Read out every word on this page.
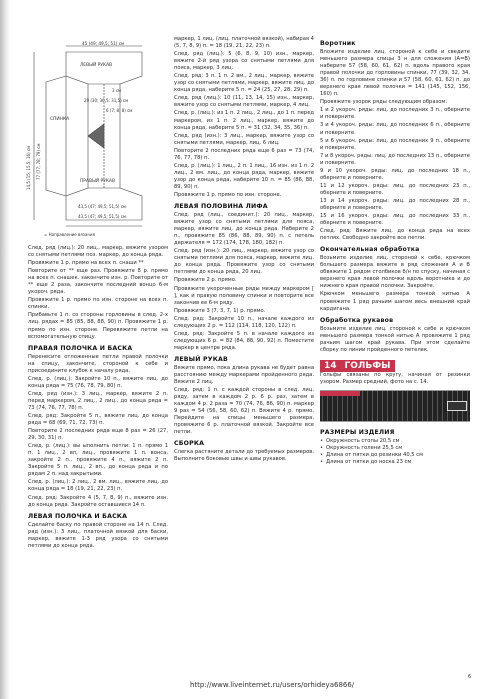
45 (49; 49,5; 51) см
ЛЕВЫЙ РУКАВ
3 см
29 (30; 30,5; 31,5) см
6 (7; 8; 8) см
СПИНКА
ПРАВЫЙ РУКАВ
43,5 (47; 49,5; 51,5) см
43,5 (47; 49,5; 51,5) см
= Направление вязания
14,5 (15; 15,5; 16) см 77 (77; 78; 79) см

След. ряд (лиц.): 20 лиц., маркер, вяжите узором со снятыми петлями поз. маркер, до конца ряда.

Провяжите 1 р. прямо на всех п. снаши **

Повторите от ** еще раз. Провяжите 8 р. прямо на всех п. снашек. закончите изн. р. Повторите от ** еще 2 раза, закончите последний вонцо 6-м укороч. ряда.

Провяжите 1 р. прямо по изн. стороне на всех п. спинки.

Прибавьте 1 п. со стороны горловины в след. 2-х лиц. рядах = 85 (85, 88, 88, 90) п. Провяжите 1 р. прямо по изн. стороне. Перевяжите петли на вспомогательную спицу.

ПРАВАЯ ПОЛОЧКА И БАСКА

Перенесите отложенные петли правой полочки на спицу, закончите, стороной к себе и присоедините клубок к началу ряда.

След. р. (лиц.): Закройте 10 п., вяжите лиц. до конца ряда = 75 (76, 78, 79, 80) п.

След. ряд (изн.): 3 лиц., маркер, вяжите 2 п. перед маркером, 2 лиц., 2 лиц., до конца ряда = 73 (74, 76, 77, 78) п.

След. ряд: Закройте 5 п., вяжите лиц. до конца ряда = 68 (69, 71, 72, 73) п.

Повторите 2 последних ряда еще 8 раз = 26 (27, 29, 30, 31) п.

След. р. (лиц.): вы ыполнить петли: 1 п. прямо 1 п. 1 лиц., 2 вп, лиц., провяжите 1 п. вонса, закройте 2 п., провяжите 4 п., вяжите 2 п. Закройте 5 п. лиц., 2 вп., до конца ряда и по рядам 2 п. над закрытыми.

След. р. (лиц.): 2 лиц., 2 вм. лиц., вяжите лиц. до конца ряда = 18 (19, 21, 22, 23) п.

След. ряд: Закройте 4 (5, 7, 8, 9) п., вяжите изн. до конца ряда. Закройте оставшиеся 14 п.

ЛЕВАЯ ПОЛОЧКА И БАСКА

Сделайте баску по правой стороне на 14 п. След. ряд (изн.): 3 лиц., платочной вязкой для баски, маркер, вяжите 1-3 ряд узора со снятыми петлями до конца ряда.

маркер, 1 лиц. (лиц. платочной вязкой), набирая 4 (5, 7, 8, 9) п. = 18 (19, 21, 22, 23) п.

След. ряд (лиц.): 5 (6, 8, 9, 10) изн., маркер, вяжите 2-й ряд узора со снятыми петлями для пояса, маркер, 3 лиц.

След. ряд: 3 п. 1 п. 2 вм., 2 лиц., маркер, вяжите узор со снятыми петлями, маркер, вяжите лиц. до конца ряда, наберите 5 п. = 24 (25, 27, 28, 29) п.

След. ряд (лиц.): 10 (11, 13, 14, 15) изн., маркер, вяжите узор со снятыми петлями, маркер, 4 лиц.

След. р. (лиц.): из 1 п. 2 лиц., 2 лиц., до 1 п. перед маркером, из 1 п. 2 лиц., маркер, вяжите до конца ряда, наберите 5 п. = 31 (32, 34, 35, 36) п.

След. ряд (изн.): 3 лиц., маркер, вяжите узор со снятыми петлями, маркер, лиц. 6 лиц.

Повторите 2 последних ряда еще 6 раз = 73 (74, 76, 77, 78) п.

След. р. (лиц.): 1 лиц., 2 п. 1 лиц., 16 изн. из 1 п. 2 лиц., 2 вм. лиц., до конца ряда, маркер, вяжите узор до конца ряда, наберите 10 п. = 85 (86, 88, 89, 90) п.

Провяжите 1 р. прямо по изн. стороне.

ЛЕВАЯ ПОЛОВИНА ЛИФА

След. ряд (лиц., соединит.): 20 лиц., маркер, вяжите узор со снятыми петлями для пояса, маркер, вяжите лиц. до конца ряда. Наберите 2 п., провяжите 85 (86, 88, 89, 90) п. с петель держателя = 172 (174, 178, 180, 182) п.

След. ряд (изн.): 20 лиц., маркер, вяжите узор со снятыми петлями для пояса, маркер, вяжите лиц. до конца ряда. Провяжите узор со снятыми петлями до конца ряда, 20 лиц.

Провяжите 2 р. прямо.

Провяжите укороченные ряды между маркером [ ], как и правую половину спинки и повторите все закончив ее 6-м ряду.

Провяжите 3 (7, 3, 7, 1) р. прямо.

След. ряд: Закройте 10 п., начале каждого из следующих 2 р. = 112 (114, 118, 120, 122) п.

След. ряд: Закройте 5 п. в начале каждого из следующих 6 р. = 82 (84, 88, 90, 92) п. Поместите маркер в центре ряда.

ЛЕВЫЙ РУКАВ

Вяжите прямо, пока длина рукава не будет равна расстоянию между маркерами пройденного ряда. Вяжите 2 лиц.

След. ряд: 1 п. с каждой стороны в след. лиц. ряду, затем в каждом 2 р. 6 р. раз, затем в каждом 4 р. 2 раза = 70 (74, 76, 86, 90) п. маркер 9 раз = 54 (56, 58, 60, 62) п. Вяжите 4 р. прямо. Перейдите на спицы меньшего размера, провяжите 6 р. платочной вязкой. Закройте все петли.

СБОРКА

Слегка растяните детали до требуемых размеров. Выполните боковые швы и швы рукавов.

Воротник

Вложите изделие лиц. стороной к себе и сведите меньшего размера спицы 3 н для сложения (А=В) наберите 57 (58, 60, 61, 62) п. вдоль правого края правой полочки до горловины спинки, 77 (39, 32, 34, 36) п. по горловине спинки и 57 (58, 60, 61, 62) п. до верхнего края левой полочки = 141 (145, 152, 156, 160) п.

Провяжите узорок ряды следующим образом:

1 и 2 укороч. ряды: лиц. до последних 3 п., оберните и поверните.

3 и 4 укороч. ряды: лиц. до последних 6 п., оберните и поверните.

5 и 6 укороч. ряды: лиц. до последних 9 п., оберните и поверните.

7 и 8 укороч. ряды: лиц. до последних 13 п., оберните и поверните.

9 и 10 укороч. ряды: лиц. до последних 18 п., оберните и поверните.

11 и 12 укороч. ряды: лиц. до последних 23 п., оберните и поверните.

13 и 14 укороч. ряды: лиц. до последних 28 п., оберните и поверните.

15 и 16 укороч. ряды: лиц. до последних 33 п., оберните и поверните.

След. ряд: Вяжите лиц. до конца ряда на всех петлях. Свободно закройте все петли.

Окончательная обработка

Возьмите изделие лиц. стороной к себе, крючком большего размера вяжите в ряд сложения А и В обвяжите 1 рядом столбиков б/н по спуску, начиная с верхнего края левой полочки вдоль воротника и до нижнего края правой полочки. Закройте.

Крючком меньшего размера тонкой нитью А провяжите 1 ряд рачьим шагом весь внешний край кардигана.

Обработка рукавов

Возьмите изделие лиц. стороной к себе и крючком меньшего размера тонкой нитью А провяжите 1 ряд рачьим шагом край рукава. При этом сделайте сборку по линии пройденного петелек.

14 ГОЛЬФЫ

Гольфы связаны по кругу, начиная от резинки узором. Размер средний, фото на с. 14.

РАЗМЕРЫ ИЗДЕЛИЯ
• Окружность стопы 20,5 см
• Окружность голени 25,5 см
• Длина от пятки до резинки 40,5 см
• Длина от пятки до носка 23 см
http://www.liveinternet.ru/users/orhideya6866/
6
